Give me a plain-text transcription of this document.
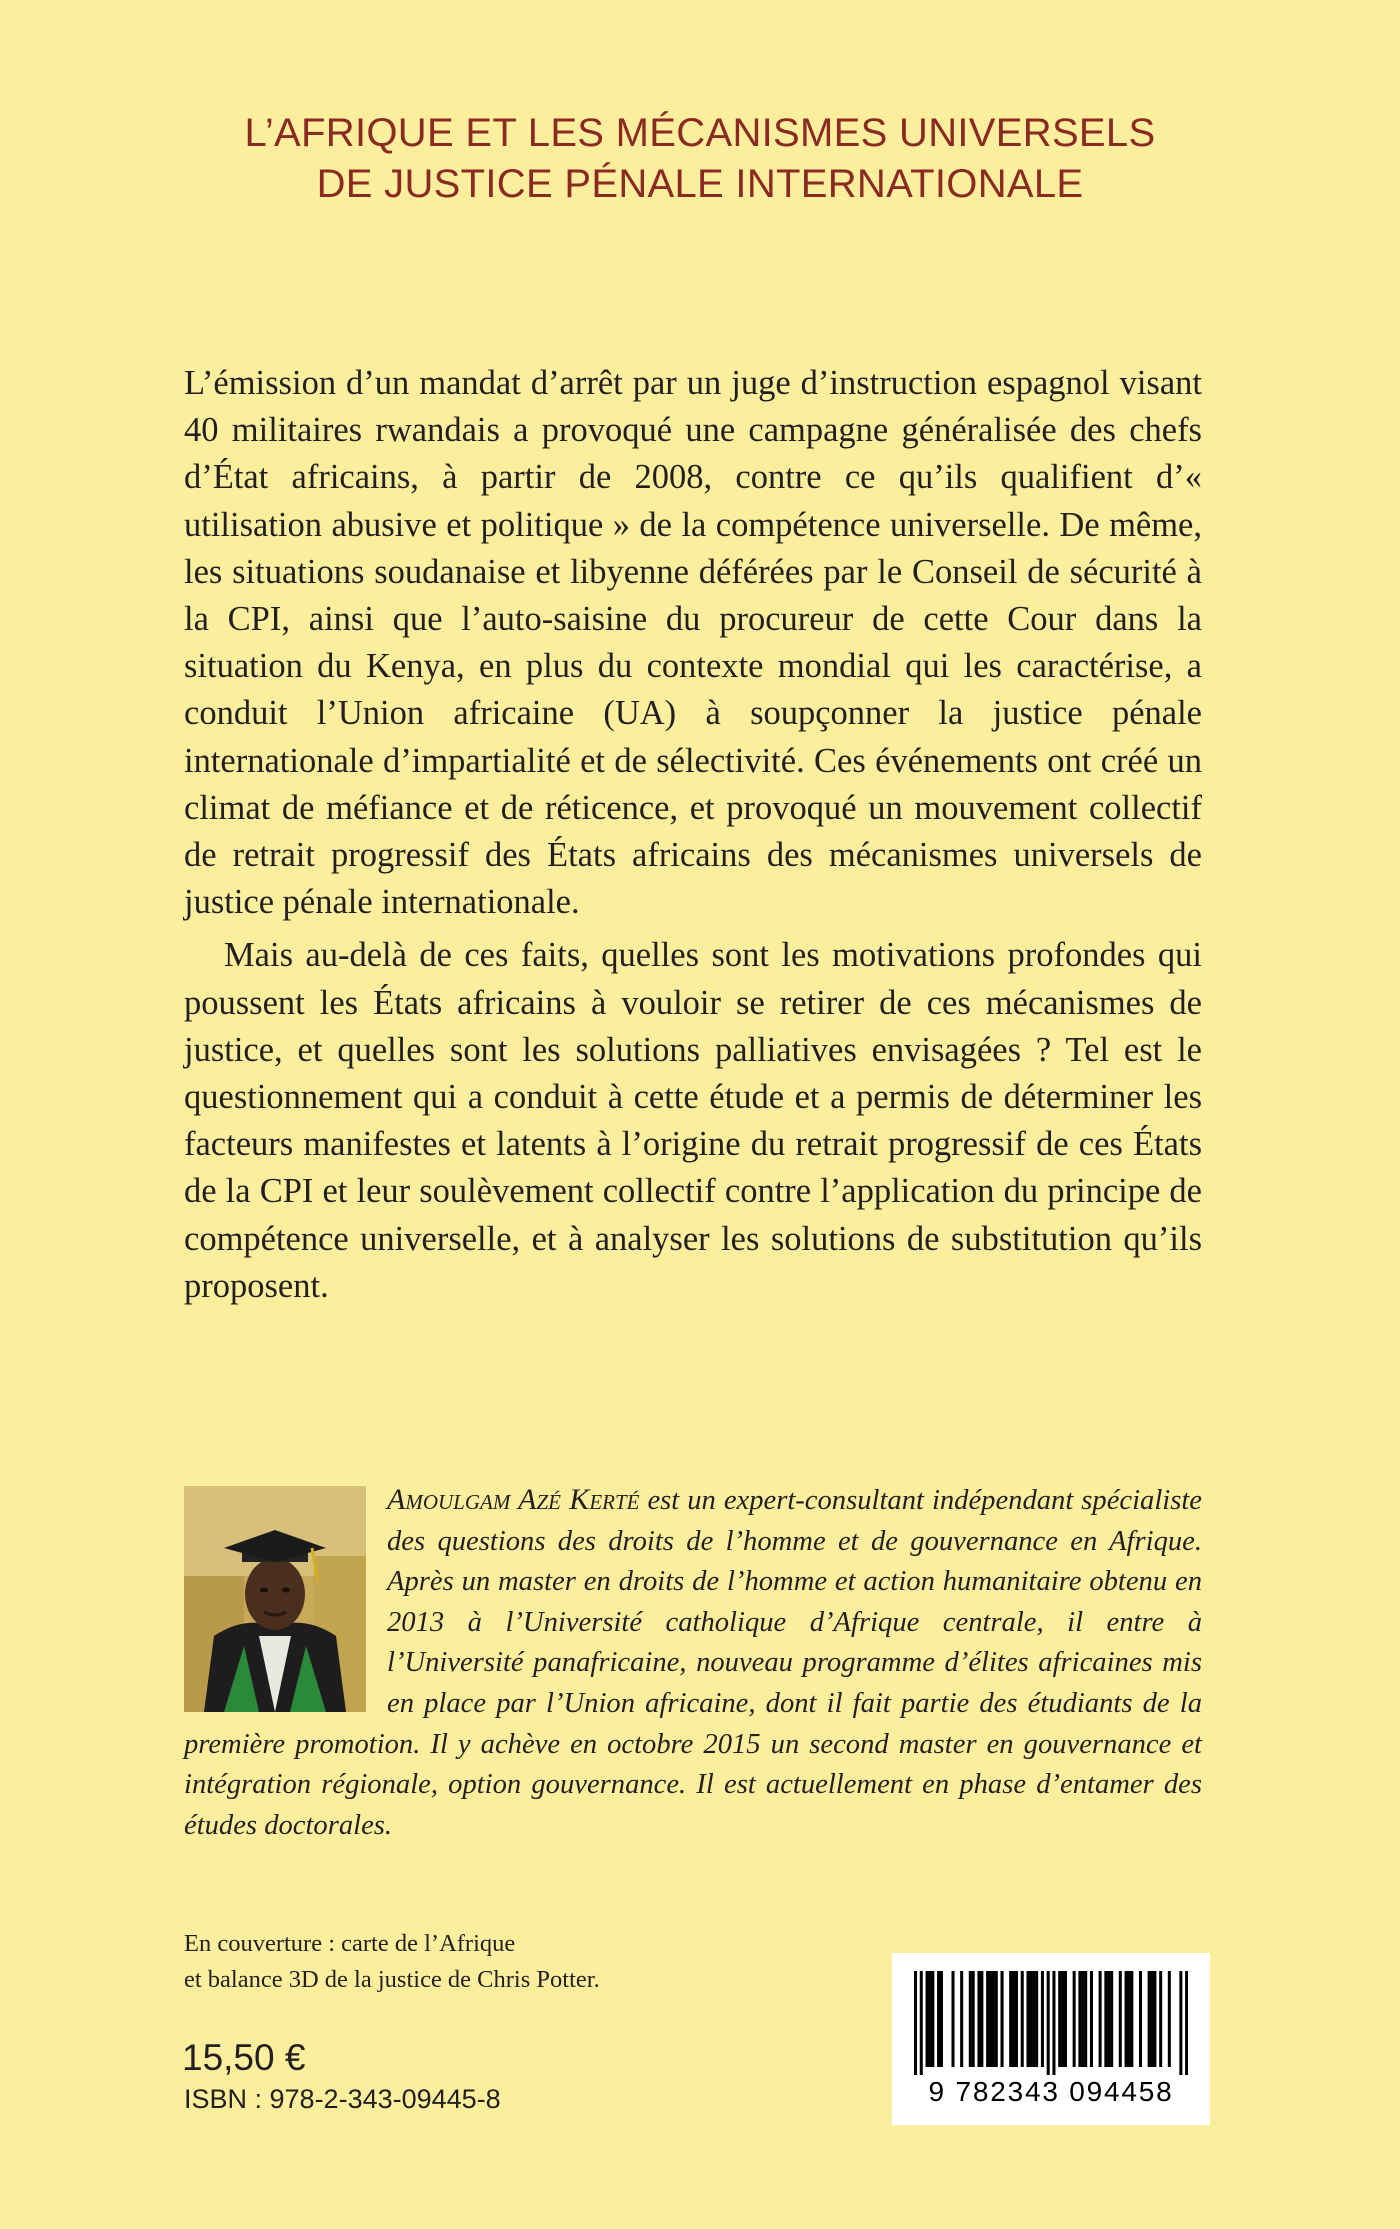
L’AFRIQUE ET LES MÉCANISMES UNIVERSELS
DE JUSTICE PÉNALE INTERNATIONALE

L’émission d’un mandat d’arrêt par un juge d’instruction espagnol visant 40 militaires rwandais a provoqué une campagne généralisée des chefs d’État africains, à partir de 2008, contre ce qu’ils qualifient d’« utilisation abusive et politique » de la compétence universelle. De même, les situations soudanaise et libyenne déférées par le Conseil de sécurité à la CPI, ainsi que l’auto-saisine du procureur de cette Cour dans la situation du Kenya, en plus du contexte mondial qui les caractérise, a conduit l’Union africaine (UA) à soupçonner la justice pénale internationale d’impartialité et de sélectivité. Ces événements ont créé un climat de méfiance et de réticence, et provoqué un mouvement collectif de retrait progressif des États africains des mécanismes universels de justice pénale internationale.

Mais au-delà de ces faits, quelles sont les motivations profondes qui poussent les États africains à vouloir se retirer de ces mécanismes de justice, et quelles sont les solutions palliatives envisagées ? Tel est le questionnement qui a conduit à cette étude et a permis de déterminer les facteurs manifestes et latents à l’origine du retrait progressif de ces États de la CPI et leur soulèvement collectif contre l’application du principe de compétence universelle, et à analyser les solutions de substitution qu’ils proposent.

Amoulgam Azé Kerté est un expert-consultant indépendant spécialiste des questions des droits de l’homme et de gouvernance en Afrique. Après un master en droits de l’homme et action humanitaire obtenu en 2013 à l’Université catholique d’Afrique centrale, il entre à l’Université panafricaine, nouveau programme d’élites africaines mis en place par l’Union africaine, dont il fait partie des étudiants de la première promotion. Il y achève en octobre 2015 un second master en gouvernance et intégration régionale, option gouvernance. Il est actuellement en phase d’entamer des études doctorales.
En couverture : carte de l’Afrique
et balance 3D de la justice de Chris Potter.
15,50 €
ISBN : 978-2-343-09445-8	9 782343 094458
